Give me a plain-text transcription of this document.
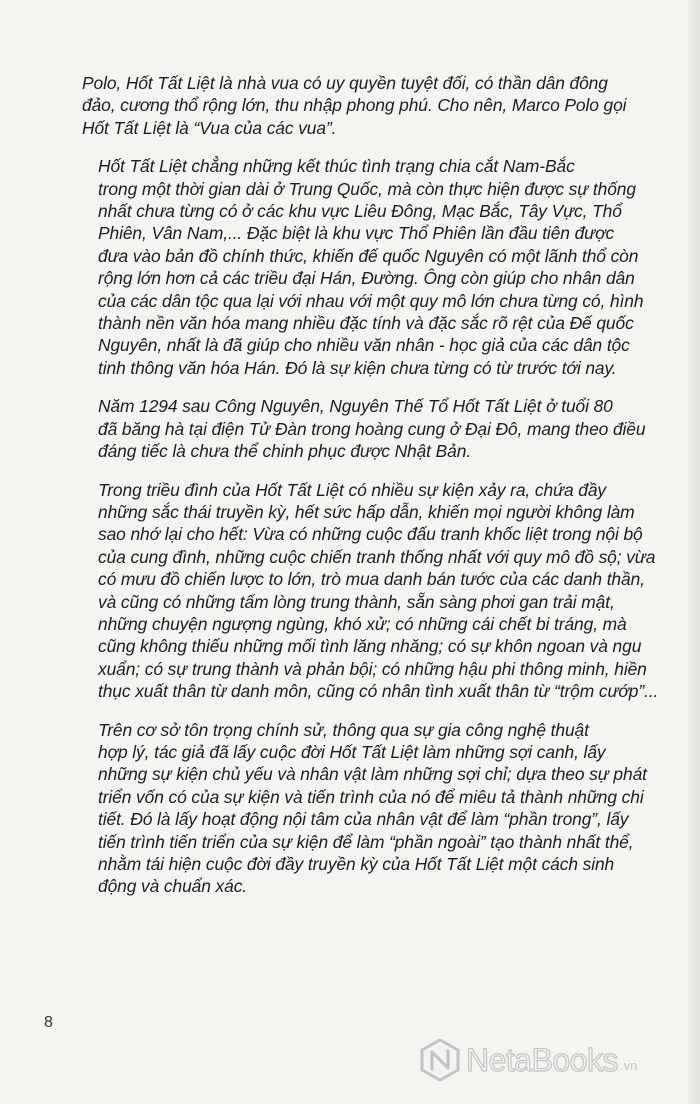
Polo, Hốt Tất Liệt là nhà vua có uy quyền tuyệt đối, có thần dân đông
đảo, cương thổ rộng lớn, thu nhập phong phú. Cho nên, Marco Polo gọi
Hốt Tất Liệt là “Vua của các vua”.
Hốt Tất Liệt chẳng những kết thúc tình trạng chia cắt Nam-Bắc
trong một thời gian dài ở Trung Quốc, mà còn thực hiện được sự thống
nhất chưa từng có ở các khu vực Liêu Đông, Mạc Bắc, Tây Vực, Thổ
Phiên, Vân Nam,... Đặc biệt là khu vực Thổ Phiên lần đầu tiên được
đưa vào bản đồ chính thức, khiến đế quốc Nguyên có một lãnh thổ còn
rộng lớn hơn cả các triều đại Hán, Đường. Ông còn giúp cho nhân dân
của các dân tộc qua lại với nhau với một quy mô lớn chưa từng có, hình
thành nền văn hóa mang nhiều đặc tính và đặc sắc rõ rệt của Đế quốc
Nguyên, nhất là đã giúp cho nhiều văn nhân - học giả của các dân tộc
tinh thông văn hóa Hán. Đó là sự kiện chưa từng có từ trước tới nay.
Năm 1294 sau Công Nguyên, Nguyên Thế Tổ Hốt Tất Liệt ở tuổi 80
đã băng hà tại điện Tử Đàn trong hoàng cung ở Đại Đô, mang theo điều
đáng tiếc là chưa thể chinh phục được Nhật Bản.
Trong triều đình của Hốt Tất Liệt có nhiều sự kiện xảy ra, chứa đầy
những sắc thái truyền kỳ, hết sức hấp dẫn, khiến mọi người không làm
sao nhớ lại cho hết: Vừa có những cuộc đấu tranh khốc liệt trong nội bộ
của cung đình, những cuộc chiến tranh thống nhất với quy mô đồ sộ; vừa
có mưu đồ chiến lược to lớn, trò mua danh bán tước của các danh thần,
và cũng có những tấm lòng trung thành, sẵn sàng phơi gan trải mật,
những chuyện ngượng ngùng, khó xử; có những cái chết bi tráng, mà
cũng không thiếu những mối tình lăng nhăng; có sự khôn ngoan và ngu
xuẩn; có sự trung thành và phản bội; có những hậu phi thông minh, hiền
thục xuất thân từ danh môn, cũng có nhân tình xuất thân từ “trộm cướp”...
Trên cơ sở tôn trọng chính sử, thông qua sự gia công nghệ thuật
hợp lý, tác giả đã lấy cuộc đời Hốt Tất Liệt làm những sợi canh, lấy
những sự kiện chủ yếu và nhân vật làm những sợi chỉ; dựa theo sự phát
triển vốn có của sự kiện và tiến trình của nó để miêu tả thành những chi
tiết. Đó là lấy hoạt động nội tâm của nhân vật để làm “phần trong”, lấy
tiến trình tiến triển của sự kiện để làm “phần ngoài” tạo thành nhất thể,
nhằm tái hiện cuộc đời đầy truyền kỳ của Hốt Tất Liệt một cách sinh
động và chuẩn xác.
8
NetaBooks .vn
